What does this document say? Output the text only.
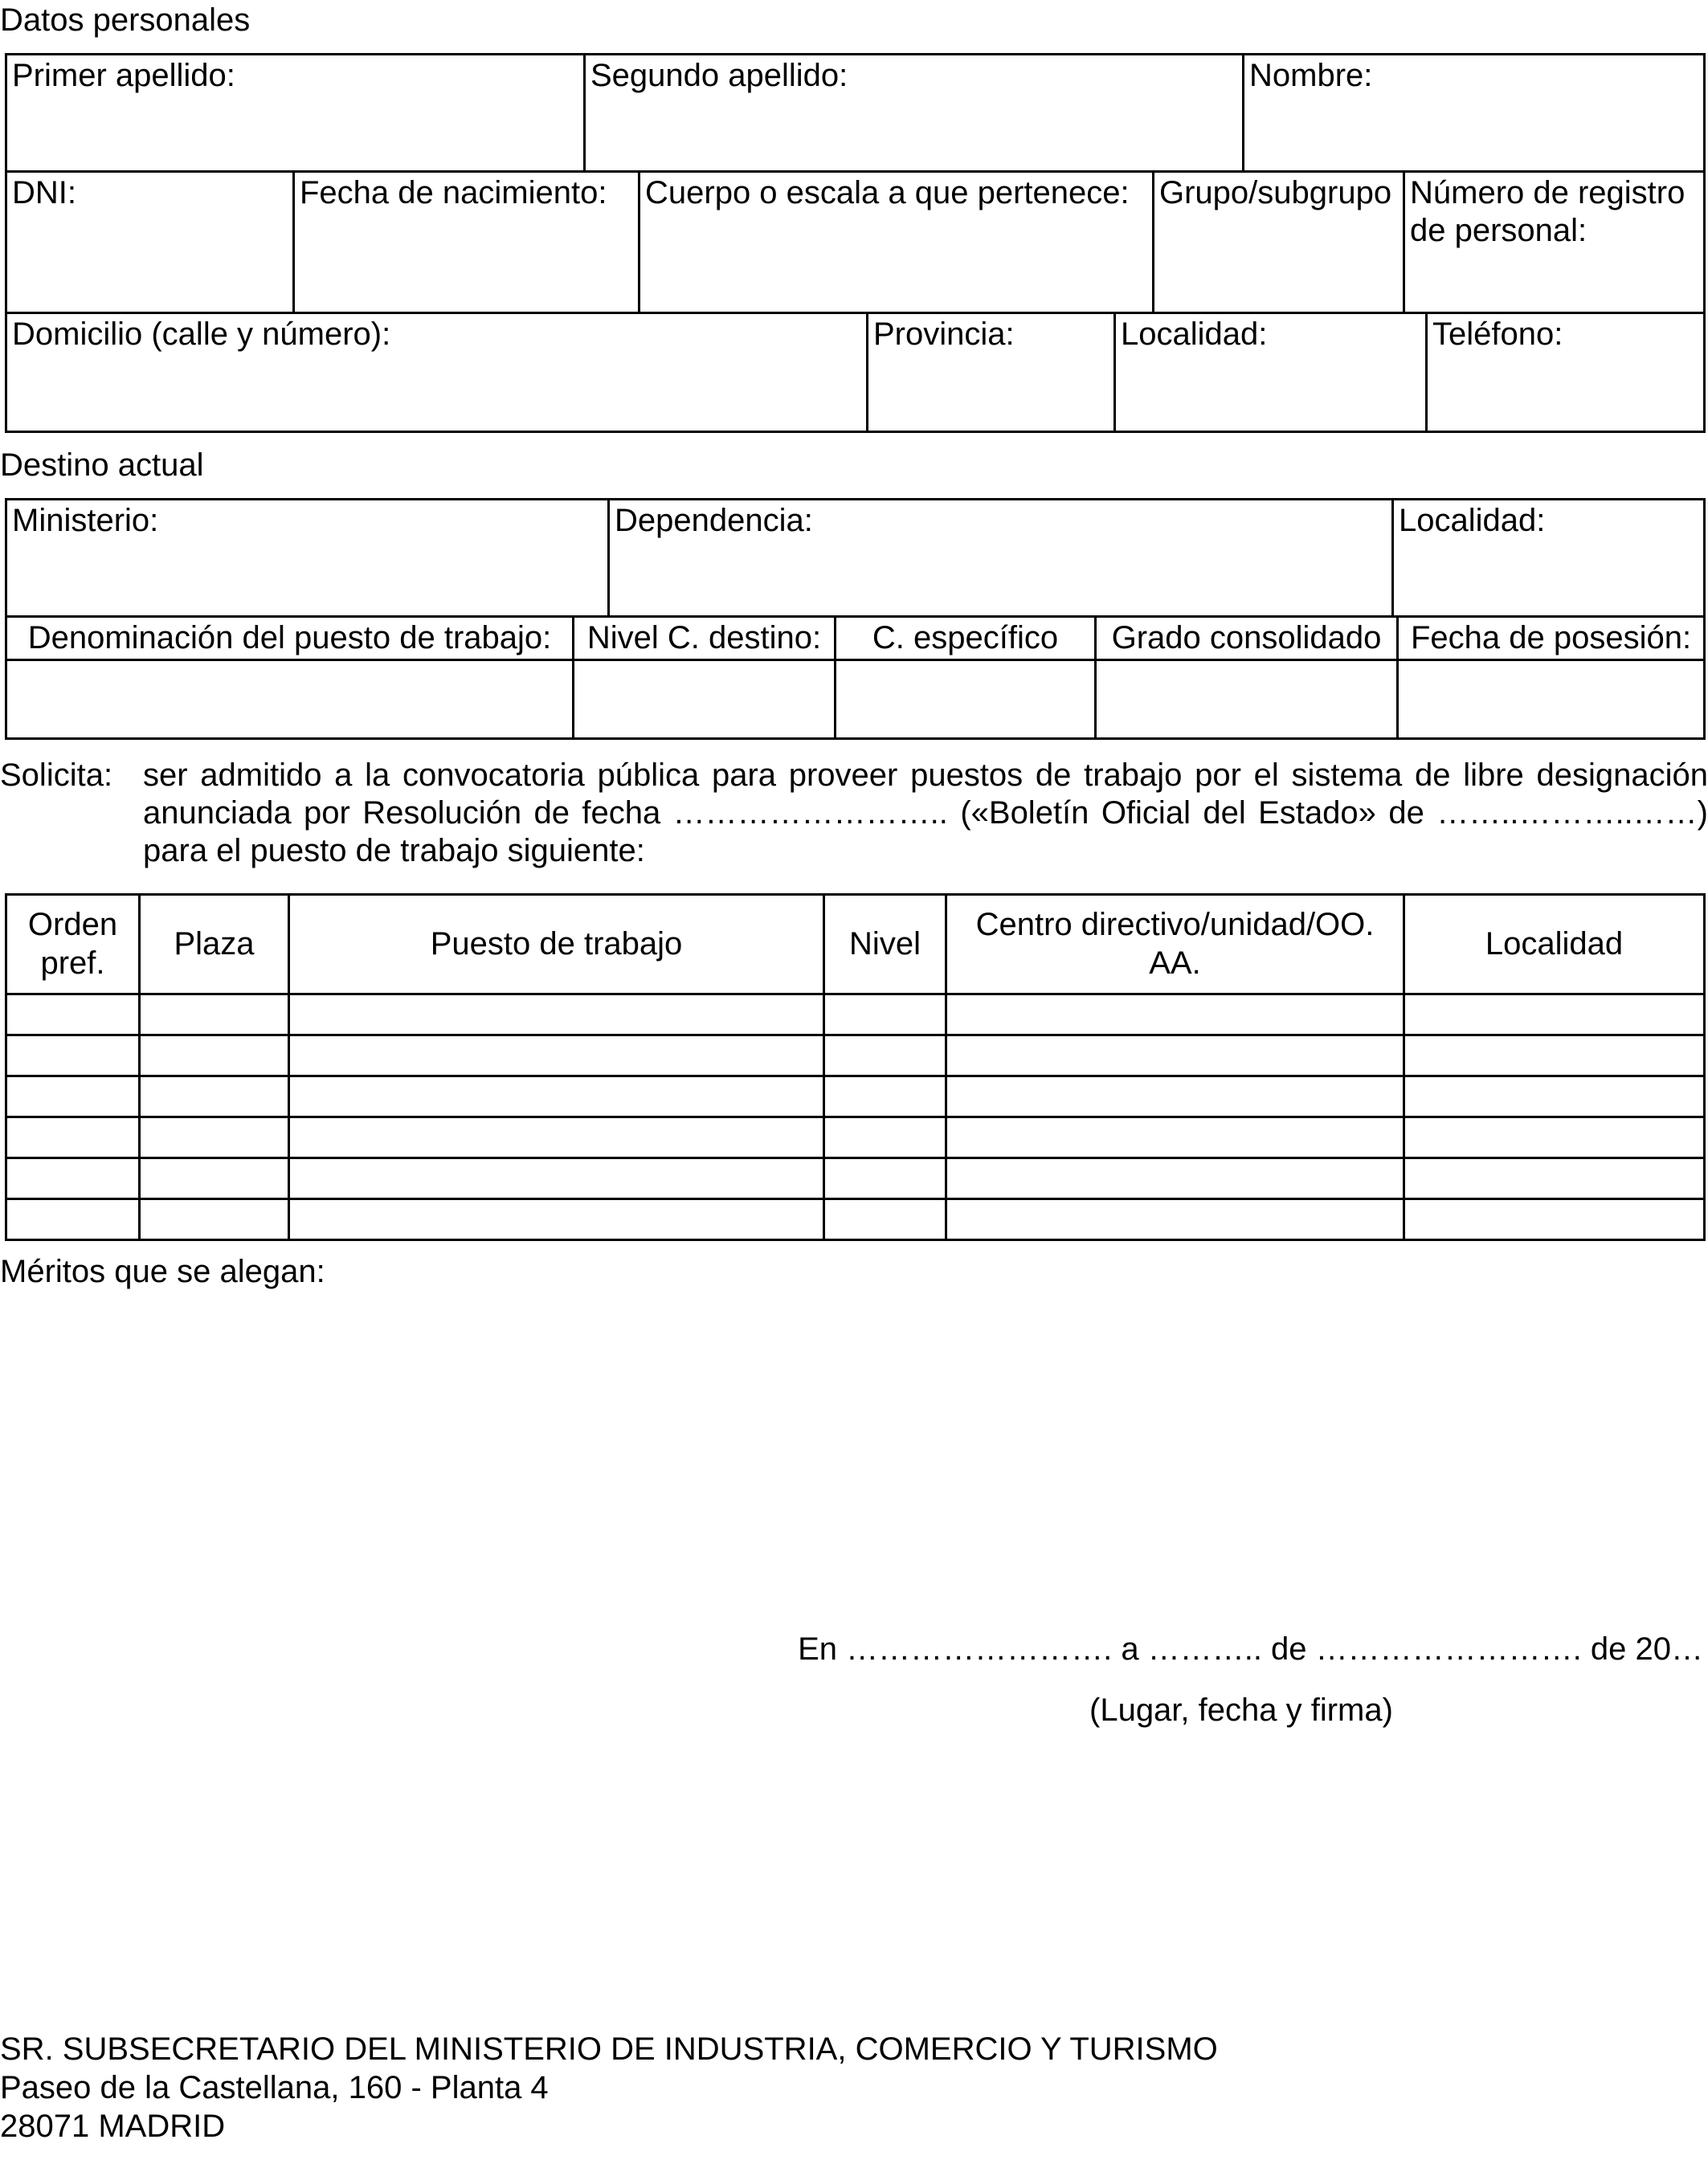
Datos personales
Primer apellido:	Segundo apellido:	Nombre:
DNI:	Fecha de nacimiento:	Cuerpo o escala a que pertenece:	Grupo/subgrupo	Número de registro de personal:
Domicilio (calle y número):	Provincia:	Localidad:	Teléfono:
Destino actual
Ministerio:	Dependencia:	Localidad:
Denominación del puesto de trabajo:	Nivel C. destino:	C. específico	Grado consolidado	Fecha de posesión:

Solicita: ser admitido a la convocatoria pública para proveer puestos de trabajo por el sistema de libre designación anunciada por Resolución de fecha …………………….. («Boletín Oficial del Estado» de ……..………..……) para el puesto de trabajo siguiente:
Orden pref.	Plaza	Puesto de trabajo	Nivel	Centro directivo/unidad/OO. AA.	Localidad

Méritos que se alegan:
En ……………………. a ……….. de ……………………. de 20…
(Lugar, fecha y firma)
SR. SUBSECRETARIO DEL MINISTERIO DE INDUSTRIA, COMERCIO Y TURISMO
Paseo de la Castellana, 160 - Planta 4
28071 MADRID
